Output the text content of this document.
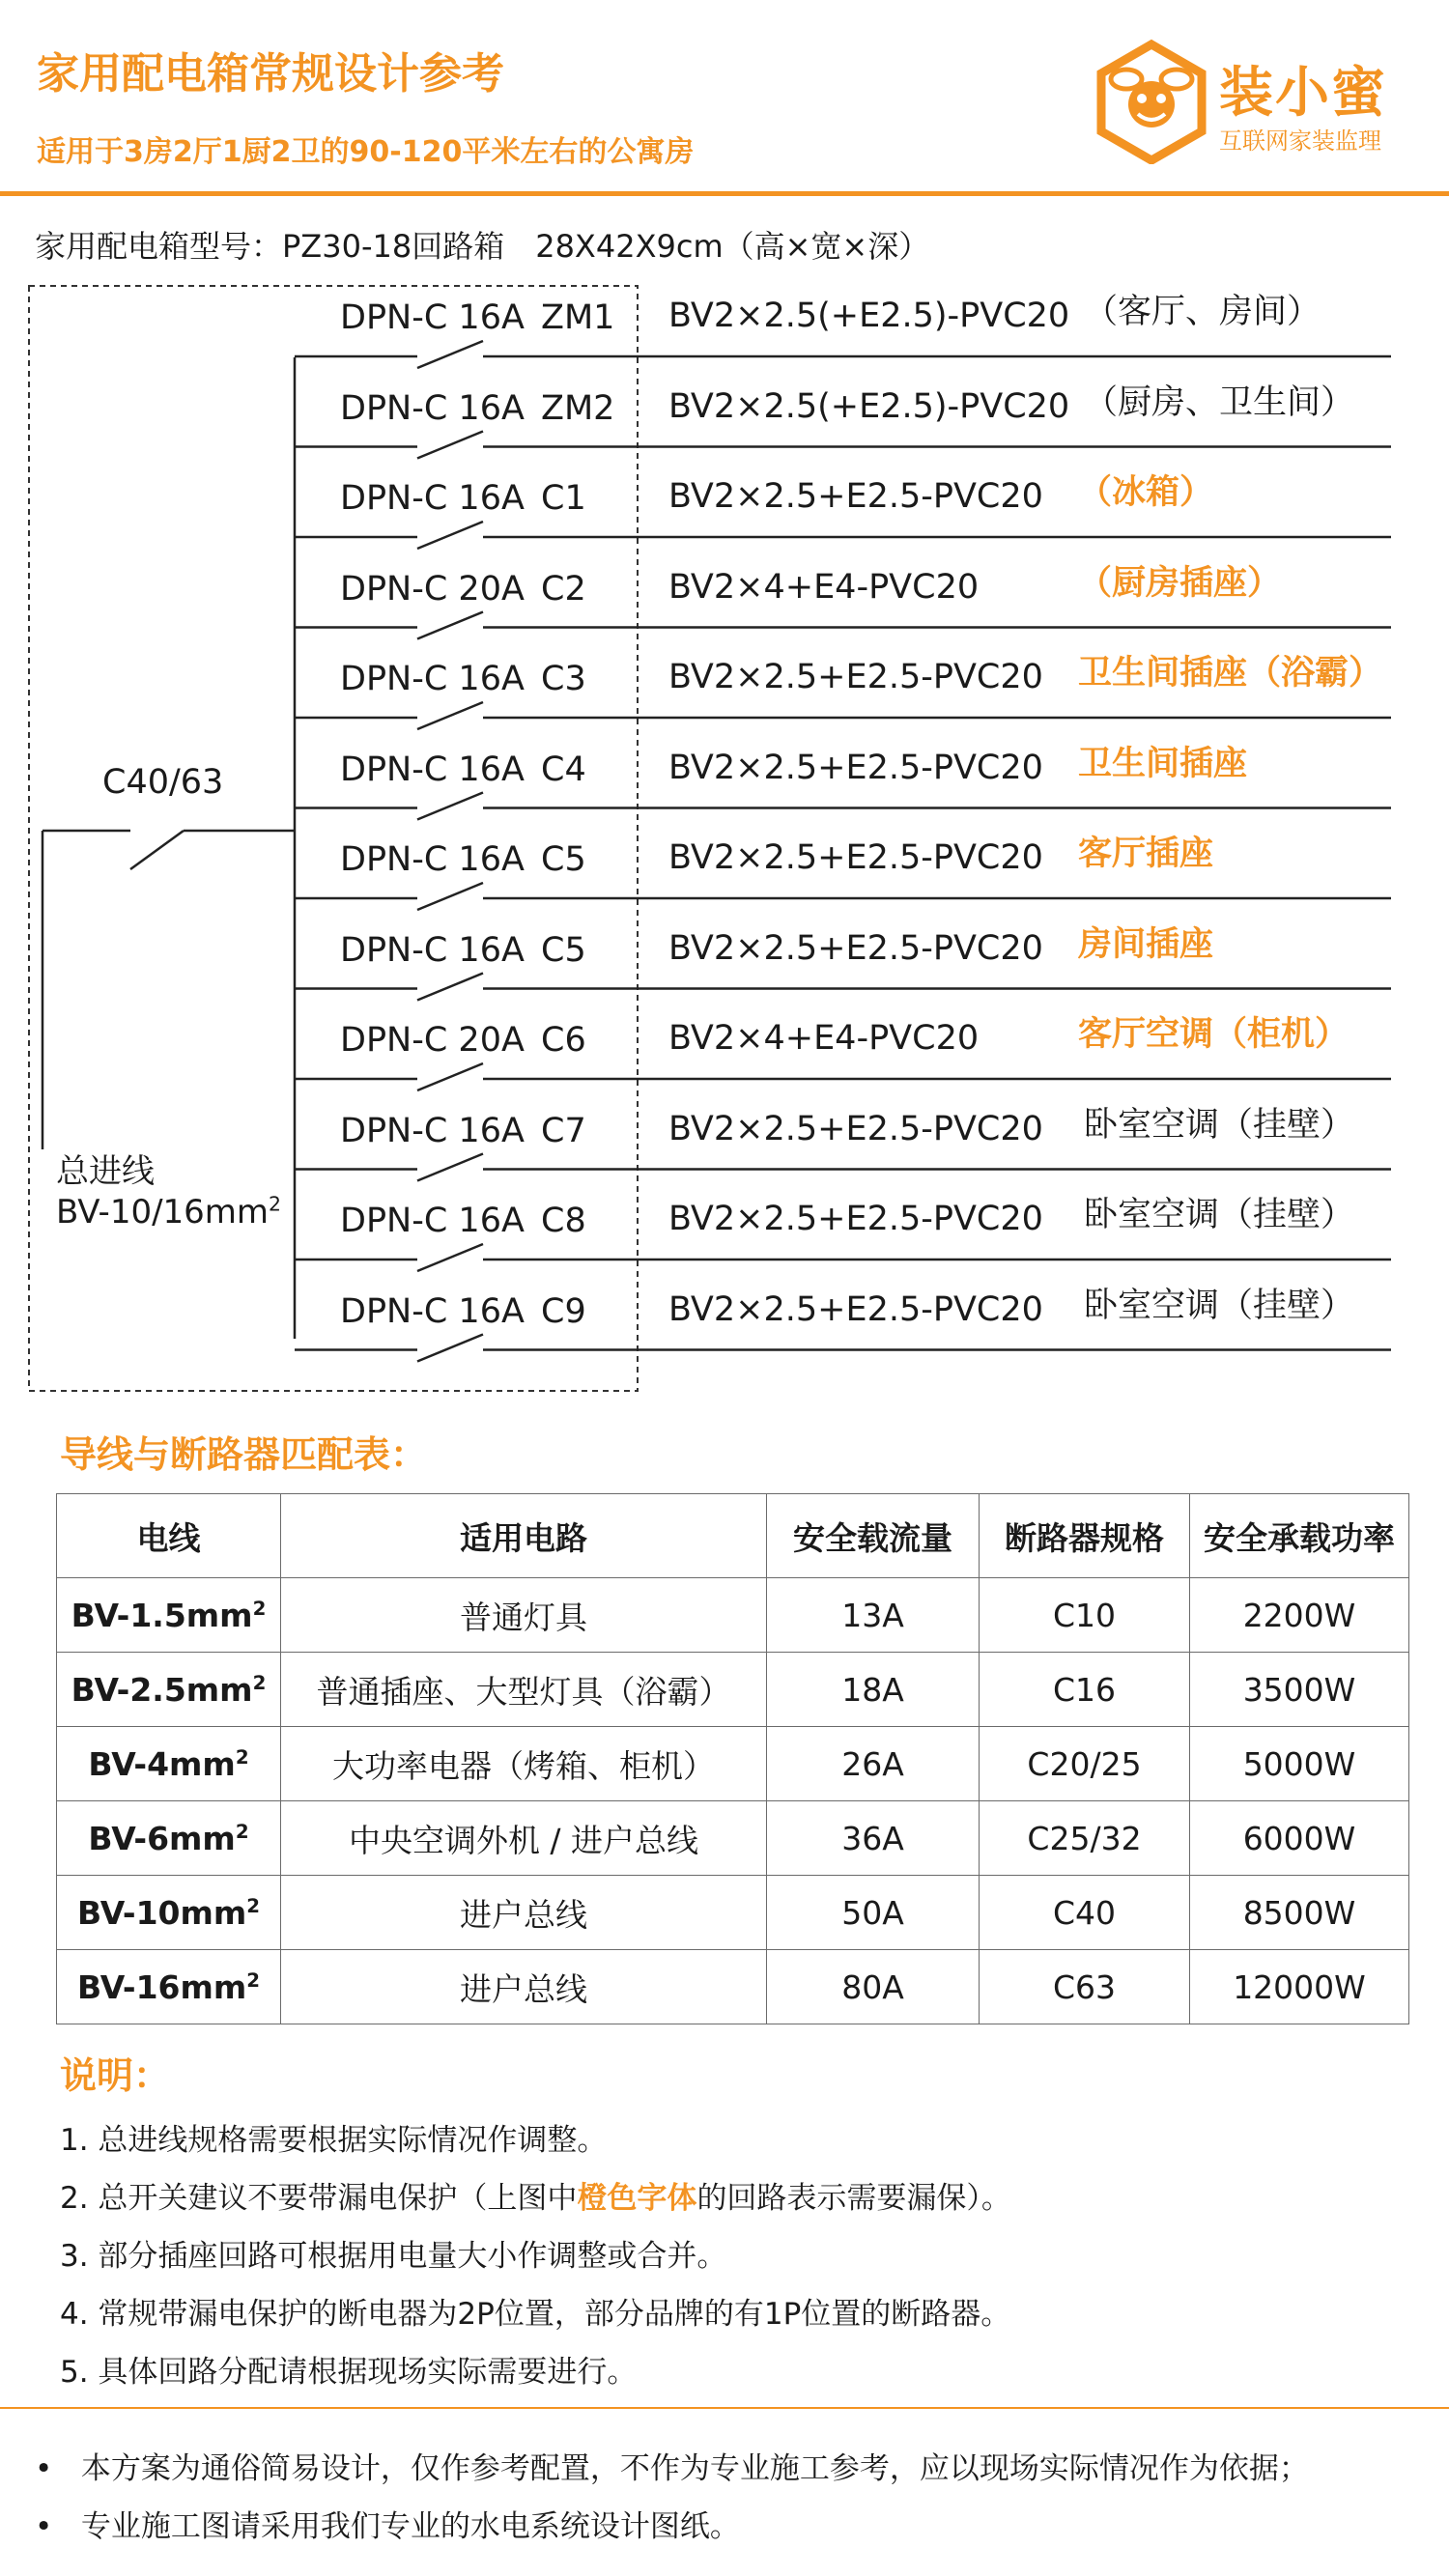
家用配电箱常规设计参考
适用于3房2厅1厨2卫的90-120平米左右的公寓房
装小蜜
互联网家装监理
家用配电箱型号：PZ30-18回路箱　28X42X9cm（高×宽×深）
C40/63
总进线
$BV-10/16mm^2$
DPN-C 16A ZM1 BV2×2.5(+E2.5)-PVC20 （客厅、房间）
DPN-C 16A ZM2 BV2×2.5(+E2.5)-PVC20 （厨房、卫生间）
DPN-C 16A C1 BV2×2.5+E2.5-PVC20 （冰箱）
DPN-C 20A C2 BV2×4+E4-PVC20	（厨房插座）
DPN-C 16A C3 BV2×2.5+E2.5-PVC20 卫生间插座（浴霸）
DPN-C 16A C4 BV2×2.5+E2.5-PVC20 卫生间插座
DPN-C 16A C5 BV2×2.5+E2.5-PVC20 客厅插座
DPN-C 16A C5 BV2×2.5+E2.5-PVC20 房间插座
DPN-C 20A C6 BV2×4+E4-PVC20	客厅空调（柜机）
DPN-C 16A C7 BV2×2.5+E2.5-PVC20 卧室空调（挂壁）
DPN-C 16A C8 BV2×2.5+E2.5-PVC20 卧室空调（挂壁）
DPN-C 16A C9 BV2×2.5+E2.5-PVC20 卧室空调（挂壁）
导线与断路器匹配表：
电线	适用电路	安全载流量	断路器规格	安全承载功率
$BV-1.5mm^2$	普通灯具	13A	C10	2200W
$BV-2.5mm^2$	普通插座、大型灯具（浴霸）	18A	C16	3500W
$BV-4mm^2$	大功率电器（烤箱、柜机）	26A	C20/25	5000W
$BV-6mm^2$	中央空调外机 / 进户总线	36A	C25/32	6000W
$BV-10mm^2$	进户总线	50A	C40	8500W
$BV-16mm^2$	进户总线	80A	C63	12000W
说明：
1. 总进线规格需要根据实际情况作调整。
2. 总开关建议不要带漏电保护（上图中橙色字体的回路表示需要漏保）。
3. 部分插座回路可根据用电量大小作调整或合并。
4. 常规带漏电保护的断电器为2P位置，部分品牌的有1P位置的断路器。
5. 具体回路分配请根据现场实际需要进行。
• 本方案为通俗简易设计，仅作参考配置，不作为专业施工参考，应以现场实际情况作为依据；
• 专业施工图请采用我们专业的水电系统设计图纸。
